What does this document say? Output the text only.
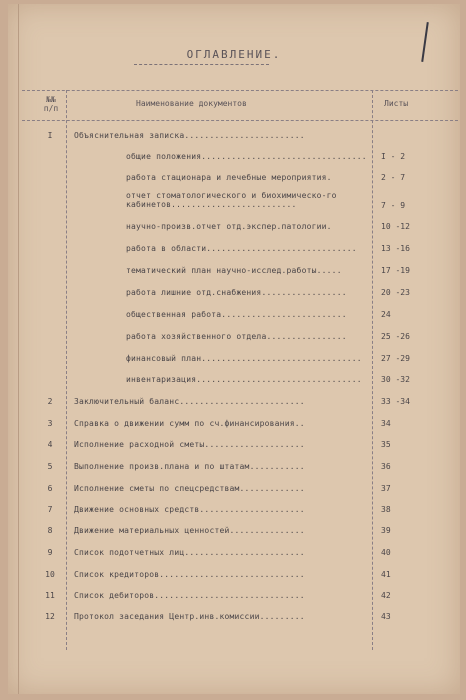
ОГЛАВЛЕНИЕ.
№№
п/п
Наименование документов	Листы
I	Объяснительная записка........................
общие положения................................. I - 2
работа стационара и лечебные мероприятия.	2 - 7
отчет стоматологического и биохимическо-го кабинетов.........................	7 - 9
научно-произв.отчет отд.экспер.патологии.	10 -12
работа в области..............................	13 -16
тематический план научно-исслед.работы.....	17 -19
работа лишние отд.снабжения.................	20 -23
общественная работа.........................	24
работа хозяйственного отдела................	25 -26
финансовый план................................	27 -29
инвентаризация.................................	30 -32
2	Заключительный баланс.........................	33 -34
3	Справка о движении сумм по сч.финансирования..	34
4	Исполнение расходной сметы....................	35
5	Выполнение произв.плана и по штатам...........	36
6	Исполнение сметы по спецсредствам.............	37
7	Движение основных средств.....................	38
8	Движение материальных ценностей...............	39
9	Список подотчетных лиц........................	40
10	Список кредиторов.............................	41
11	Список дебиторов..............................	42
12	Протокол заседания Центр.инв.комиссии.........	43
